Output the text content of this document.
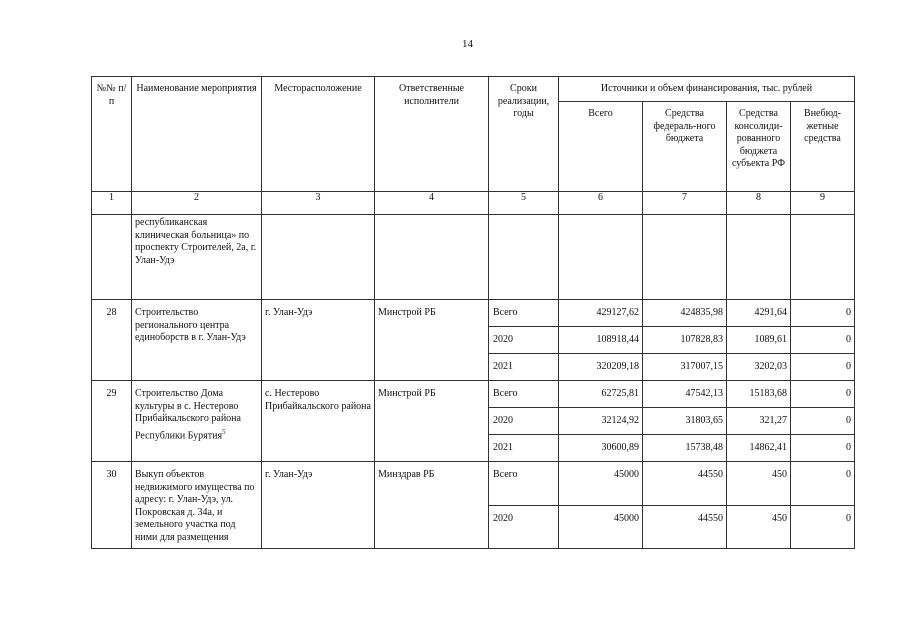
14
№№ п/п	Наименование мероприятия	Месторасположение	Ответственные исполнители	Сроки реализации, годы	Источники и объем финансирования, тыс. рублей			
					Всего	Средства федераль-ного бюджета	Средства консолиди-рованного бюджета субъекта РФ	Внебюд-жетные средства
1	2	3	4	5	6	7	8	9
	республиканская клиническая больница» по проспекту Строителей, 2а, г. Улан-Удэ							
28	Строительство регионального центра единоборств в г. Улан-Удэ	г. Улан-Удэ	Минстрой РБ	Всего	429127,62	424835,98	4291,64	0
				2020	108918,44	107828,83	1089,61	0
				2021	320209,18	317007,15	3202,03	0
29	Строительство Дома культуры в с. Нестерово Прибайкальского района Республики Бурятия$^5$	с. Нестерово Прибайкальского района	Минстрой РБ	Всего	62725,81	47542,13	15183,68	0
				2020	32124,92	31803,65	321,27	0
				2021	30600,89	15738,48	14862,41	0
30	Выкуп объектов недвижимого имущества по адресу: г. Улан-Удэ, ул. Покровская д. 34а, и земельного участка под ними для размещения	г. Улан-Удэ	Минздрав РБ	Всего	45000	44550	450	0
				2020	45000	44550	450	0
